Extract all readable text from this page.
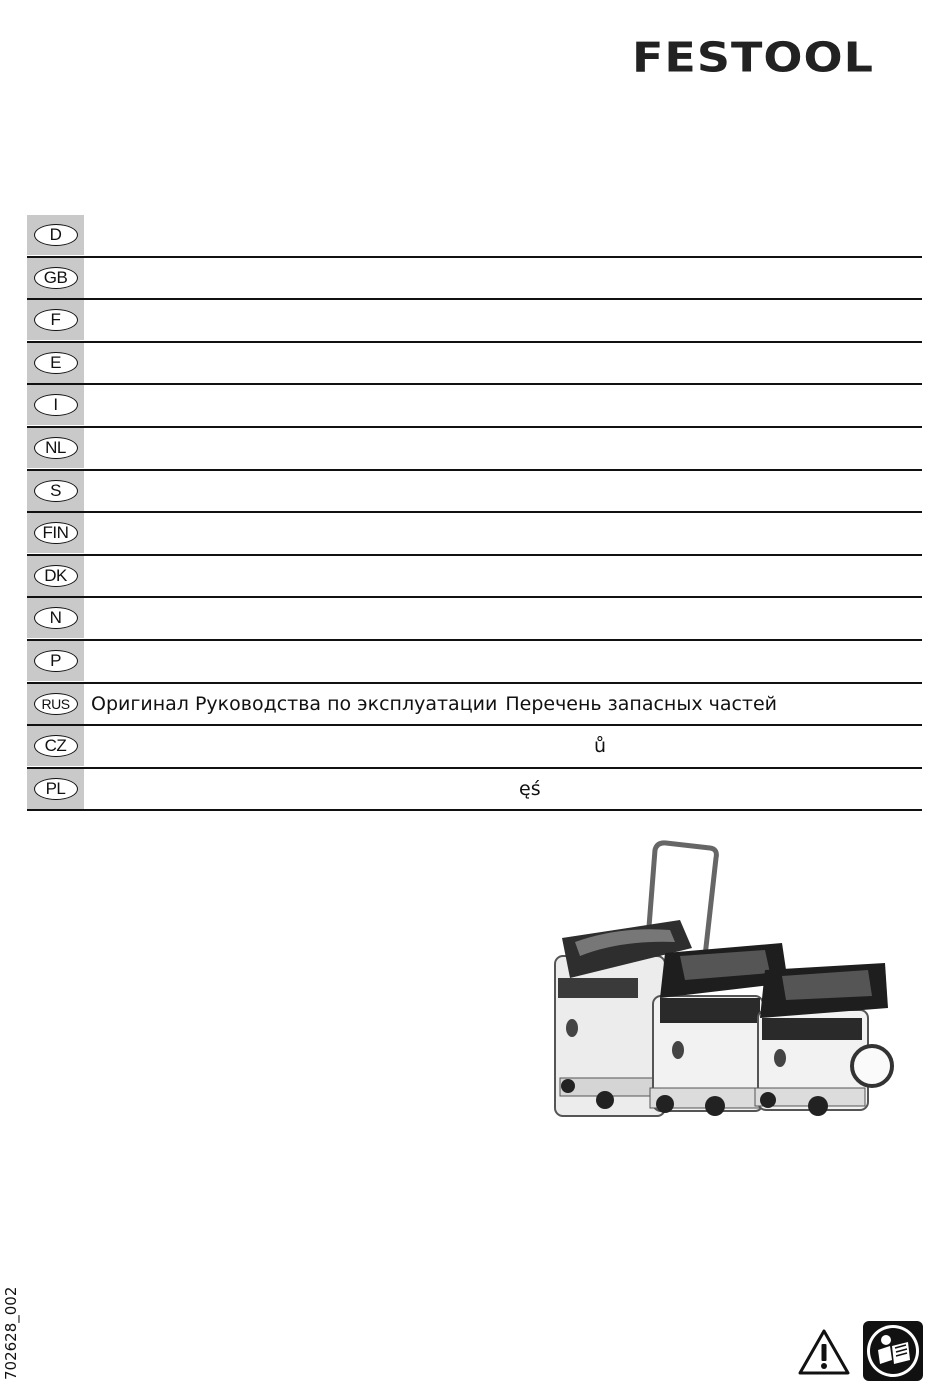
FESTOOL
D
GB
F
E
I
NL
S
FIN
DK
N
P
RUS	Оригинал Руководства по эксплуатации Перечень запасных частей
CZ	ů
PL	ęś
702628_002
